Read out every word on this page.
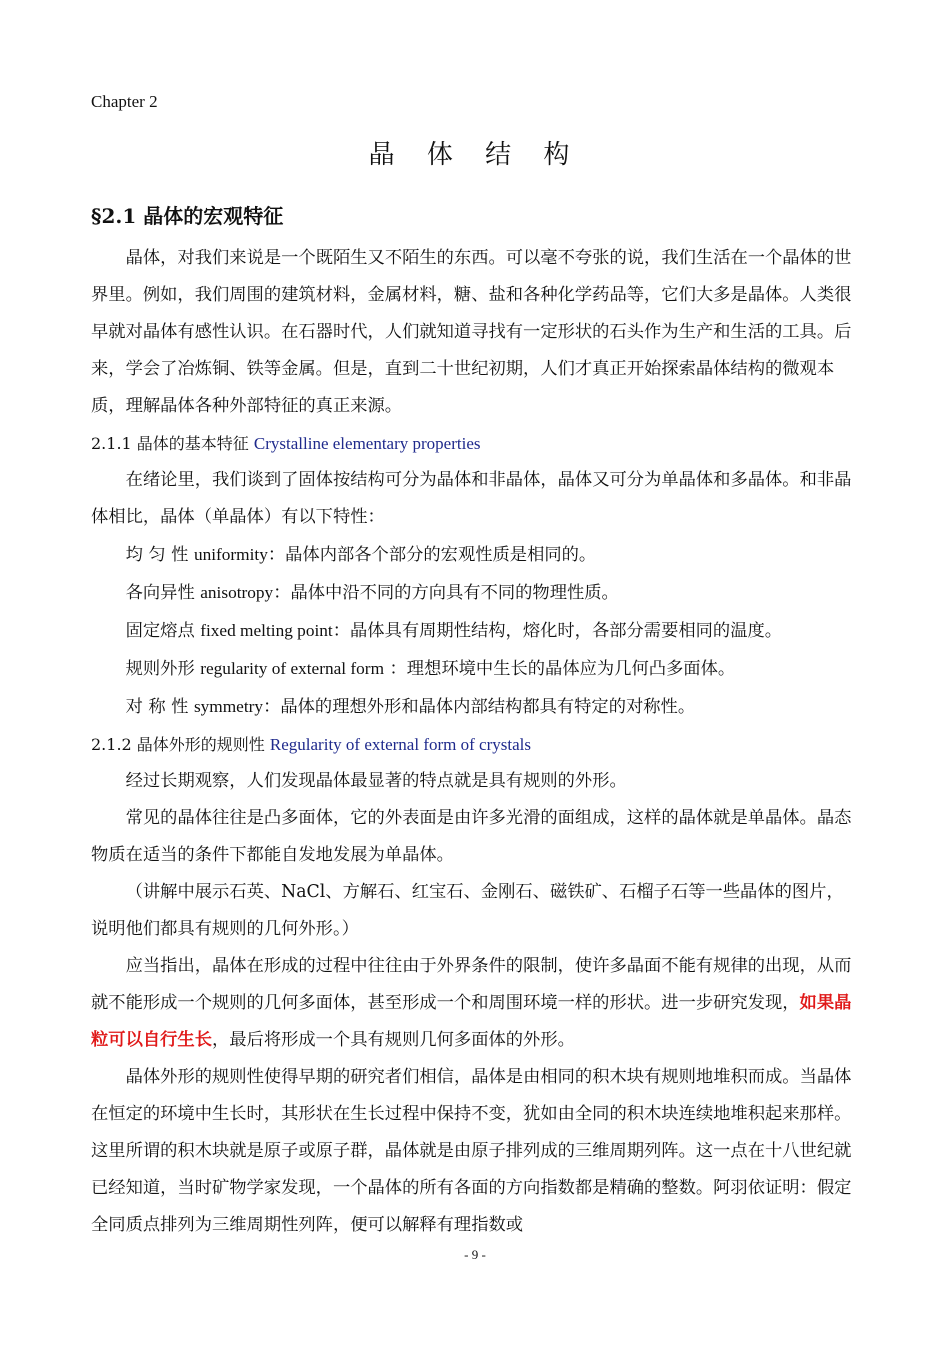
Chapter 2
晶 体 结 构
§2.1 晶体的宏观特征

晶体，对我们来说是一个既陌生又不陌生的东西。可以毫不夸张的说，我们生活在一个晶体的世界里。例如，我们周围的建筑材料，金属材料，糖、盐和各种化学药品等，它们大多是晶体。人类很早就对晶体有感性认识。在石器时代，人们就知道寻找有一定形状的石头作为生产和生活的工具。后来，学会了冶炼铜、铁等金属。但是，直到二十世纪初期，人们才真正开始探索晶体结构的微观本质，理解晶体各种外部特征的真正来源。

2.1.1 晶体的基本特征 Crystalline elementary properties

在绪论里，我们谈到了固体按结构可分为晶体和非晶体，晶体又可分为单晶体和多晶体。和非晶体相比，晶体（单晶体）有以下特性：

均 匀 性 uniformity：晶体内部各个部分的宏观性质是相同的。

各向异性 anisotropy：晶体中沿不同的方向具有不同的物理性质。

固定熔点 fixed melting point：晶体具有周期性结构，熔化时，各部分需要相同的温度。

规则外形 regularity of external form ：理想环境中生长的晶体应为几何凸多面体。

对 称 性 symmetry：晶体的理想外形和晶体内部结构都具有特定的对称性。

2.1.2 晶体外形的规则性 Regularity of external form of crystals

经过长期观察，人们发现晶体最显著的特点就是具有规则的外形。

常见的晶体往往是凸多面体，它的外表面是由许多光滑的面组成，这样的晶体就是单晶体。晶态物质在适当的条件下都能自发地发展为单晶体。

（讲解中展示石英、NaCl、方解石、红宝石、金刚石、磁铁矿、石榴子石等一些晶体的图片，说明他们都具有规则的几何外形。）

应当指出，晶体在形成的过程中往往由于外界条件的限制，使许多晶面不能有规律的出现，从而就不能形成一个规则的几何多面体，甚至形成一个和周围环境一样的形状。进一步研究发现，如果晶粒可以自行生长，最后将形成一个具有规则几何多面体的外形。

晶体外形的规则性使得早期的研究者们相信，晶体是由相同的积木块有规则地堆积而成。当晶体在恒定的环境中生长时，其形状在生长过程中保持不变，犹如由全同的积木块连续地堆积起来那样。这里所谓的积木块就是原子或原子群，晶体就是由原子排列成的三维周期列阵。这一点在十八世纪就已经知道，当时矿物学家发现，一个晶体的所有各面的方向指数都是精确的整数。阿羽依证明：假定全同质点排列为三维周期性列阵，便可以解释有理指数或

- 9 -
